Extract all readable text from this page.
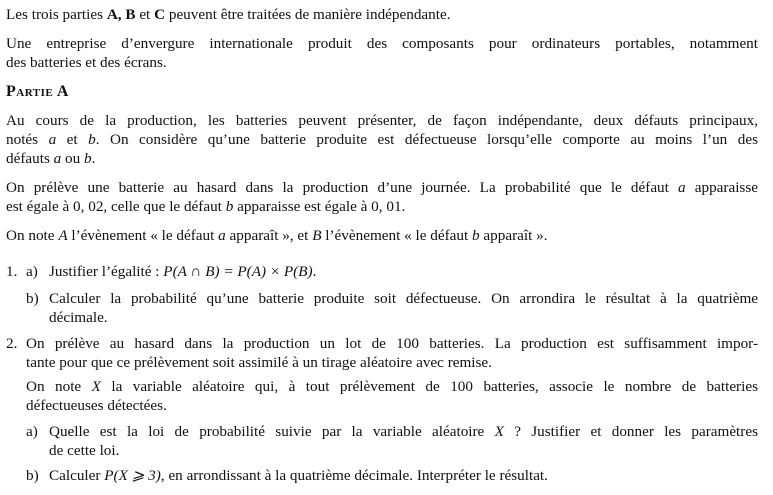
Les trois parties A, B et C peuvent être traitées de manière indépendante.
Une entreprise d’envergure internationale produit des composants pour ordinateurs portables, notamment
des batteries et des écrans.
Partie A
Au cours de la production, les batteries peuvent présenter, de façon indépendante, deux défauts principaux,
notés a et b. On considère qu’une batterie produite est défectueuse lorsqu’elle comporte au moins l’un des
défauts a ou b.
On prélève une batterie au hasard dans la production d’une journée. La probabilité que le défaut a apparaisse
est égale à 0, 02, celle que le défaut b apparaisse est égale à 0, 01.
On note A l’évènement « le défaut a apparaît », et B l’évènement « le défaut b apparaît ».
1. a) Justifier l’égalité : P(A ∩ B) = P(A) × P(B).
b) Calculer la probabilité qu’une batterie produite soit défectueuse. On arrondira le résultat à la quatrième
décimale.
2. On prélève au hasard dans la production un lot de 100 batteries. La production est suffisamment impor-
tante pour que ce prélèvement soit assimilé à un tirage aléatoire avec remise.
On note X la variable aléatoire qui, à tout prélèvement de 100 batteries, associe le nombre de batteries
défectueuses détectées.
a) Quelle est la loi de probabilité suivie par la variable aléatoire X ? Justifier et donner les paramètres
de cette loi.
b) Calculer P(X ⩾ 3), en arrondissant à la quatrième décimale. Interpréter le résultat.
